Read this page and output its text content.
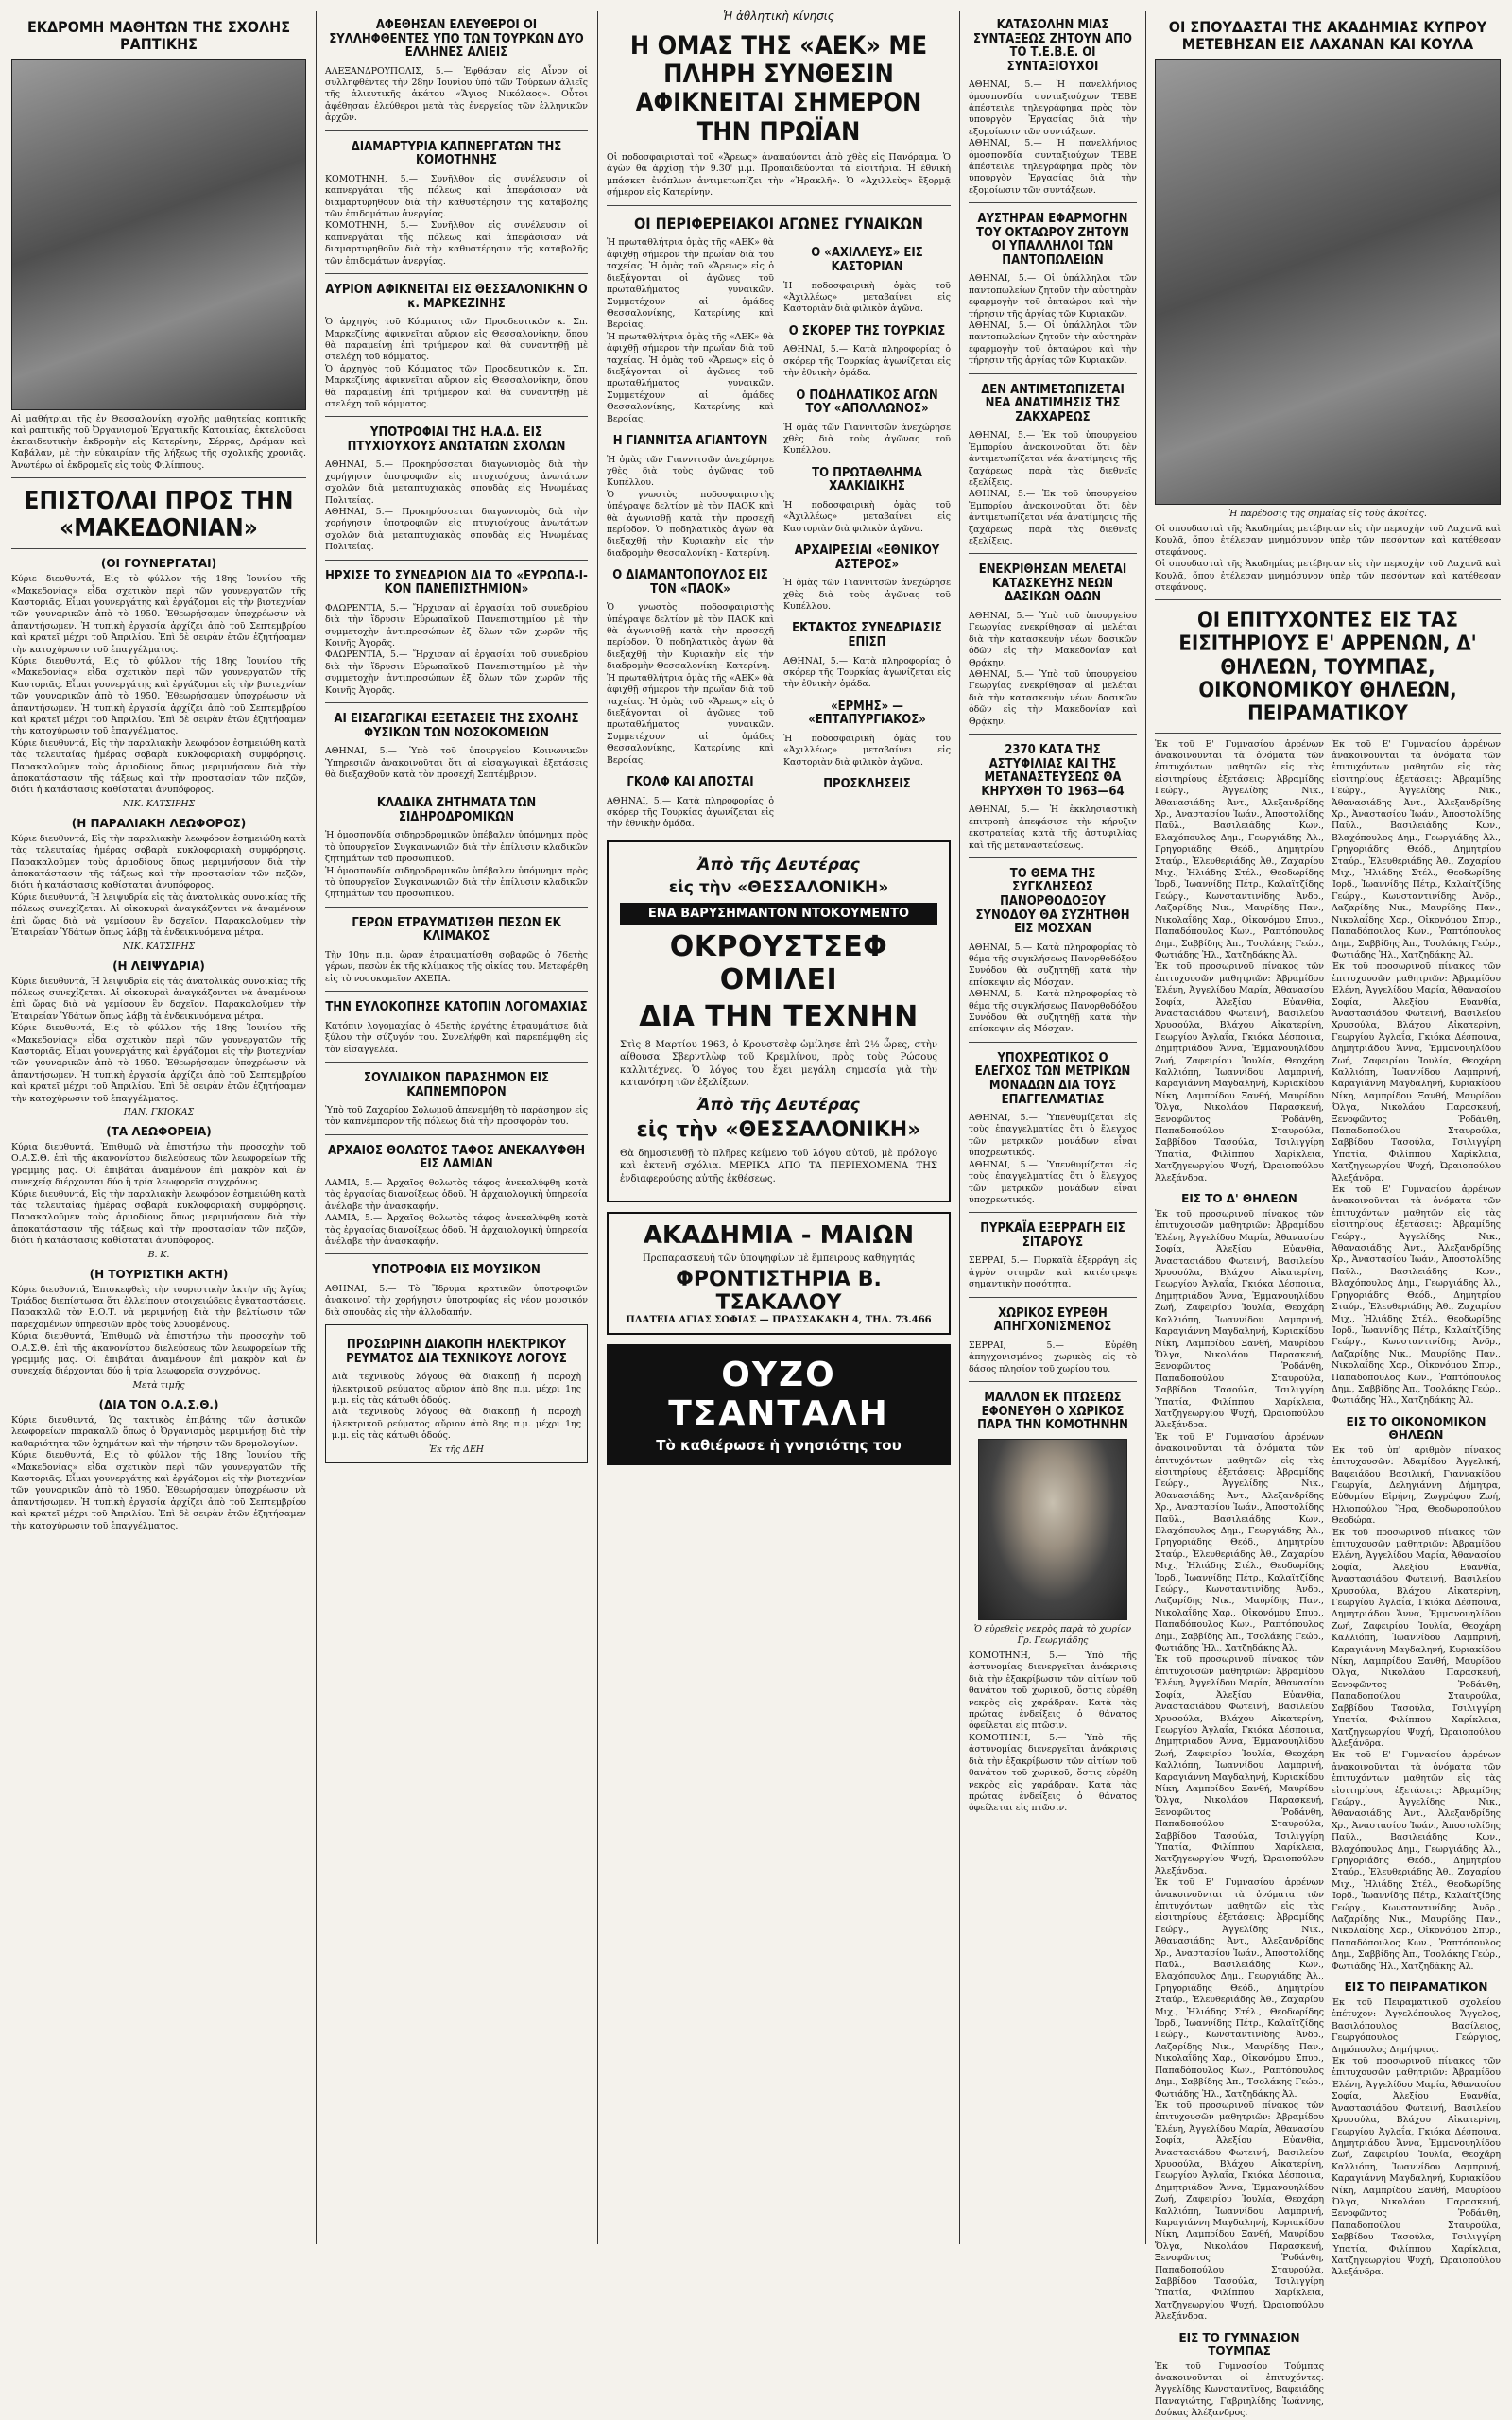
ΕΚΔΡΟΜΗ ΜΑΘΗΤΩΝ ΤΗΣ ΣΧΟΛΗΣ ΡΑΠΤΙΚΗΣ

Αἱ μαθήτριαι τῆς ἐν Θεσσαλονίκῃ σχολῆς μαθητείας κοπτικῆς καὶ ραπτικῆς τοῦ Ὀργανισμοῦ Ἐργατικῆς Κατοικίας, ἐκτελοῦσαι ἐκπαιδευτικὴν ἐκδρομὴν εἰς Κατερίνην, Σέρρας, Δράμαν καὶ Καβάλαν, μὲ τὴν εὐκαιρίαν τῆς λήξεως τῆς σχολικῆς χρονιᾶς. Ἀνωτέρω αἱ ἐκδρομεῖς εἰς τοὺς Φιλίππους.

ΕΠΙΣΤΟΛΑΙ ΠΡΟΣ ΤΗΝ «ΜΑΚΕΔΟΝΙΑΝ»
(ΟΙ ΓΟΥΝΕΡΓΑΤΑΙ)

Κύριε διευθυντά, Εἰς τὸ φύλλον τῆς 18ης Ἰουνίου τῆς «Μακεδονίας» εἶδα σχετικὸν περὶ τῶν γουνεργατῶν τῆς Καστοριᾶς. Εἶμαι γουνεργάτης καὶ ἐργάζομαι εἰς τὴν βιοτεχνίαν τῶν γουναρικῶν ἀπὸ τὸ 1950. Ἐθεωρήσαμεν ὑποχρέωσιν νὰ ἀπαντήσωμεν. Ἡ τυπικὴ ἐργασία ἀρχίζει ἀπὸ τοῦ Σεπτεμβρίου καὶ κρατεῖ μέχρι τοῦ Ἀπριλίου. Ἐπὶ δὲ σειρὰν ἐτῶν ἐζητήσαμεν τὴν κατοχύρωσιν τοῦ ἐπαγγέλματος.

Κύριε διευθυντά, Εἰς τὸ φύλλον τῆς 18ης Ἰουνίου τῆς «Μακεδονίας» εἶδα σχετικὸν περὶ τῶν γουνεργατῶν τῆς Καστοριᾶς. Εἶμαι γουνεργάτης καὶ ἐργάζομαι εἰς τὴν βιοτεχνίαν τῶν γουναρικῶν ἀπὸ τὸ 1950. Ἐθεωρήσαμεν ὑποχρέωσιν νὰ ἀπαντήσωμεν. Ἡ τυπικὴ ἐργασία ἀρχίζει ἀπὸ τοῦ Σεπτεμβρίου καὶ κρατεῖ μέχρι τοῦ Ἀπριλίου. Ἐπὶ δὲ σειρὰν ἐτῶν ἐζητήσαμεν τὴν κατοχύρωσιν τοῦ ἐπαγγέλματος.

Κύριε διευθυντά, Εἰς τὴν παραλιακὴν λεωφόρον ἐσημειώθη κατὰ τὰς τελευταίας ἡμέρας σοβαρὰ κυκλοφοριακὴ συμφόρησις. Παρακαλοῦμεν τοὺς ἁρμοδίους ὅπως μεριμνήσουν διὰ τὴν ἀποκατάστασιν τῆς τάξεως καὶ τὴν προστασίαν τῶν πεζῶν, διότι ἡ κατάστασις καθίσταται ἀνυπόφορος.

ΝΙΚ. ΚΑΤΣΙΡΗΣ
(Η ΠΑΡΑΛΙΑΚΗ ΛΕΩΦΟΡΟΣ)

Κύριε διευθυντά, Εἰς τὴν παραλιακὴν λεωφόρον ἐσημειώθη κατὰ τὰς τελευταίας ἡμέρας σοβαρὰ κυκλοφοριακὴ συμφόρησις. Παρακαλοῦμεν τοὺς ἁρμοδίους ὅπως μεριμνήσουν διὰ τὴν ἀποκατάστασιν τῆς τάξεως καὶ τὴν προστασίαν τῶν πεζῶν, διότι ἡ κατάστασις καθίσταται ἀνυπόφορος.

Κύριε διευθυντά, Ἡ λειψυδρία εἰς τὰς ἀνατολικὰς συνοικίας τῆς πόλεως συνεχίζεται. Αἱ οἰκοκυραὶ ἀναγκάζονται νὰ ἀναμένουν ἐπὶ ὥρας διὰ νὰ γεμίσουν ἓν δοχεῖον. Παρακαλοῦμεν τὴν Ἑταιρείαν Ὑδάτων ὅπως λάβῃ τὰ ἐνδεικνυόμενα μέτρα.

ΝΙΚ. ΚΑΤΣΙΡΗΣ
(Η ΛΕΙΨΥΔΡΙΑ)

Κύριε διευθυντά, Ἡ λειψυδρία εἰς τὰς ἀνατολικὰς συνοικίας τῆς πόλεως συνεχίζεται. Αἱ οἰκοκυραὶ ἀναγκάζονται νὰ ἀναμένουν ἐπὶ ὥρας διὰ νὰ γεμίσουν ἓν δοχεῖον. Παρακαλοῦμεν τὴν Ἑταιρείαν Ὑδάτων ὅπως λάβῃ τὰ ἐνδεικνυόμενα μέτρα.

Κύριε διευθυντά, Εἰς τὸ φύλλον τῆς 18ης Ἰουνίου τῆς «Μακεδονίας» εἶδα σχετικὸν περὶ τῶν γουνεργατῶν τῆς Καστοριᾶς. Εἶμαι γουνεργάτης καὶ ἐργάζομαι εἰς τὴν βιοτεχνίαν τῶν γουναρικῶν ἀπὸ τὸ 1950. Ἐθεωρήσαμεν ὑποχρέωσιν νὰ ἀπαντήσωμεν. Ἡ τυπικὴ ἐργασία ἀρχίζει ἀπὸ τοῦ Σεπτεμβρίου καὶ κρατεῖ μέχρι τοῦ Ἀπριλίου. Ἐπὶ δὲ σειρὰν ἐτῶν ἐζητήσαμεν τὴν κατοχύρωσιν τοῦ ἐπαγγέλματος.

ΠΑΝ. ΓΚΙΟΚΑΣ
(ΤΑ ΛΕΩΦΟΡΕΙΑ)

Κύρια διευθυντά, Ἐπιθυμῶ νὰ ἐπιστήσω τὴν προσοχὴν τοῦ Ο.Α.Σ.Θ. ἐπὶ τῆς ἀκανονίστου διελεύσεως τῶν λεωφορείων τῆς γραμμῆς μας. Οἱ ἐπιβάται ἀναμένουν ἐπὶ μακρὸν καὶ ἐν συνεχείᾳ διέρχονται δύο ἢ τρία λεωφορεῖα συγχρόνως.

Κύριε διευθυντά, Εἰς τὴν παραλιακὴν λεωφόρον ἐσημειώθη κατὰ τὰς τελευταίας ἡμέρας σοβαρὰ κυκλοφοριακὴ συμφόρησις. Παρακαλοῦμεν τοὺς ἁρμοδίους ὅπως μεριμνήσουν διὰ τὴν ἀποκατάστασιν τῆς τάξεως καὶ τὴν προστασίαν τῶν πεζῶν, διότι ἡ κατάστασις καθίσταται ἀνυπόφορος.

Β. Κ.
(Η ΤΟΥΡΙΣΤΙΚΗ ΑΚΤΗ)

Κύριε διευθυντά, Ἐπισκεφθεὶς τὴν τουριστικὴν ἀκτὴν τῆς Ἁγίας Τριάδος διεπίστωσα ὅτι ἐλλείπουν στοιχειώδεις ἐγκαταστάσεις. Παρακαλῶ τὸν Ε.Ο.Τ. νὰ μεριμνήσῃ διὰ τὴν βελτίωσιν τῶν παρεχομένων ὑπηρεσιῶν πρὸς τοὺς λουομένους.

Κύρια διευθυντά, Ἐπιθυμῶ νὰ ἐπιστήσω τὴν προσοχὴν τοῦ Ο.Α.Σ.Θ. ἐπὶ τῆς ἀκανονίστου διελεύσεως τῶν λεωφορείων τῆς γραμμῆς μας. Οἱ ἐπιβάται ἀναμένουν ἐπὶ μακρὸν καὶ ἐν συνεχείᾳ διέρχονται δύο ἢ τρία λεωφορεῖα συγχρόνως.

Μετὰ τιμῆς
(ΔΙΑ ΤΟΝ Ο.Α.Σ.Θ.)

Κύριε διευθυντά, Ὡς τακτικὸς ἐπιβάτης τῶν ἀστικῶν λεωφορείων παρακαλῶ ὅπως ὁ Ὀργανισμὸς μεριμνήσῃ διὰ τὴν καθαριότητα τῶν ὀχημάτων καὶ τὴν τήρησιν τῶν δρομολογίων.

Κύριε διευθυντά, Εἰς τὸ φύλλον τῆς 18ης Ἰουνίου τῆς «Μακεδονίας» εἶδα σχετικὸν περὶ τῶν γουνεργατῶν τῆς Καστοριᾶς. Εἶμαι γουνεργάτης καὶ ἐργάζομαι εἰς τὴν βιοτεχνίαν τῶν γουναρικῶν ἀπὸ τὸ 1950. Ἐθεωρήσαμεν ὑποχρέωσιν νὰ ἀπαντήσωμεν. Ἡ τυπικὴ ἐργασία ἀρχίζει ἀπὸ τοῦ Σεπτεμβρίου καὶ κρατεῖ μέχρι τοῦ Ἀπριλίου. Ἐπὶ δὲ σειρὰν ἐτῶν ἐζητήσαμεν τὴν κατοχύρωσιν τοῦ ἐπαγγέλματος.

ΑΦΕΘΗΣΑΝ ΕΛΕΥΘΕΡΟΙ ΟΙ ΣΥΛΛΗΦΘΕΝΤΕΣ ΥΠΟ ΤΩΝ ΤΟΥΡΚΩΝ ΔΥΟ ΕΛΛΗΝΕΣ ΑΛΙΕΙΣ

ΑΛΕΞΑΝΔΡΟΥΠΟΛΙΣ, 5.— Ἐφθάσαν εἰς Αἶνον οἱ συλληφθέντες τὴν 28ην Ἰουνίου ὑπὸ τῶν Τούρκων ἀλιεῖς τῆς ἀλιευτικῆς ἀκάτου «Ἅγιος Νικόλαος». Οὗτοι ἀφέθησαν ἐλεύθεροι μετὰ τὰς ἐνεργείας τῶν ἑλληνικῶν ἀρχῶν.

ΔΙΑΜΑΡΤΥΡΙΑ ΚΑΠΝΕΡΓΑΤΩΝ ΤΗΣ ΚΟΜΟΤΗΝΗΣ

ΚΟΜΟΤΗΝΗ, 5.— Συνῆλθον εἰς συνέλευσιν οἱ καπνεργάται τῆς πόλεως καὶ ἀπεφάσισαν νὰ διαμαρτυρηθοῦν διὰ τὴν καθυστέρησιν τῆς καταβολῆς τῶν ἐπιδομάτων ἀνεργίας.

ΚΟΜΟΤΗΝΗ, 5.— Συνῆλθον εἰς συνέλευσιν οἱ καπνεργάται τῆς πόλεως καὶ ἀπεφάσισαν νὰ διαμαρτυρηθοῦν διὰ τὴν καθυστέρησιν τῆς καταβολῆς τῶν ἐπιδομάτων ἀνεργίας.

ΑΥΡΙΟΝ ΑΦΙΚΝΕΙΤΑΙ ΕΙΣ ΘΕΣΣΑΛΟΝΙΚΗΝ Ο κ. ΜΑΡΚΕΖΙΝΗΣ

Ὁ ἀρχηγὸς τοῦ Κόμματος τῶν Προοδευτικῶν κ. Σπ. Μαρκεζίνης ἀφικνεῖται αὔριον εἰς Θεσσαλονίκην, ὅπου θὰ παραμείνῃ ἐπὶ τριήμερον καὶ θὰ συναντηθῇ μὲ στελέχη τοῦ κόμματος.

Ὁ ἀρχηγὸς τοῦ Κόμματος τῶν Προοδευτικῶν κ. Σπ. Μαρκεζίνης ἀφικνεῖται αὔριον εἰς Θεσσαλονίκην, ὅπου θὰ παραμείνῃ ἐπὶ τριήμερον καὶ θὰ συναντηθῇ μὲ στελέχη τοῦ κόμματος.

ΥΠΟΤΡΟΦΙΑΙ ΤΗΣ Η.Α.Δ. ΕΙΣ ΠΤΥΧΙΟΥΧΟΥΣ ΑΝΩΤΑΤΩΝ ΣΧΟΛΩΝ

ΑΘΗΝΑΙ, 5.— Προκηρύσσεται διαγωνισμὸς διὰ τὴν χορήγησιν ὑποτροφιῶν εἰς πτυχιούχους ἀνωτάτων σχολῶν διὰ μεταπτυχιακὰς σπουδὰς εἰς Ἡνωμένας Πολιτείας.

ΑΘΗΝΑΙ, 5.— Προκηρύσσεται διαγωνισμὸς διὰ τὴν χορήγησιν ὑποτροφιῶν εἰς πτυχιούχους ἀνωτάτων σχολῶν διὰ μεταπτυχιακὰς σπουδὰς εἰς Ἡνωμένας Πολιτείας.

ΗΡΧΙΣΕ ΤΟ ΣΥΝΕΔΡΙΟΝ ΔΙΑ ΤΟ «ΕΥΡΩΠΑ-Ι-ΚΟΝ ΠΑΝΕΠΙΣΤΗΜΙΟΝ»

ΦΛΩΡΕΝΤΙΑ, 5.— Ἤρχισαν αἱ ἐργασίαι τοῦ συνεδρίου διὰ τὴν ἵδρυσιν Εὐρωπαϊκοῦ Πανεπιστημίου μὲ τὴν συμμετοχὴν ἀντιπροσώπων ἐξ ὅλων τῶν χωρῶν τῆς Κοινῆς Ἀγορᾶς.

ΦΛΩΡΕΝΤΙΑ, 5.— Ἤρχισαν αἱ ἐργασίαι τοῦ συνεδρίου διὰ τὴν ἵδρυσιν Εὐρωπαϊκοῦ Πανεπιστημίου μὲ τὴν συμμετοχὴν ἀντιπροσώπων ἐξ ὅλων τῶν χωρῶν τῆς Κοινῆς Ἀγορᾶς.

ΑΙ ΕΙΣΑΓΩΓΙΚΑΙ ΕΞΕΤΑΣΕΙΣ ΤΗΣ ΣΧΟΛΗΣ ΦΥΣΙΚΩΝ ΤΩΝ ΝΟΣΟΚΟΜΕΙΩΝ

ΑΘΗΝΑΙ, 5.— Ὑπὸ τοῦ ὑπουργείου Κοινωνικῶν Ὑπηρεσιῶν ἀνακοινοῦται ὅτι αἱ εἰσαγωγικαὶ ἐξετάσεις θὰ διεξαχθοῦν κατὰ τὸν προσεχῆ Σεπτέμβριον.

ΚΛΑΔΙΚΑ ΖΗΤΗΜΑΤΑ ΤΩΝ ΣΙΔΗΡΟΔΡΟΜΙΚΩΝ

Ἡ ὁμοσπονδία σιδηροδρομικῶν ὑπέβαλεν ὑπόμνημα πρὸς τὸ ὑπουργεῖον Συγκοινωνιῶν διὰ τὴν ἐπίλυσιν κλαδικῶν ζητημάτων τοῦ προσωπικοῦ.

Ἡ ὁμοσπονδία σιδηροδρομικῶν ὑπέβαλεν ὑπόμνημα πρὸς τὸ ὑπουργεῖον Συγκοινωνιῶν διὰ τὴν ἐπίλυσιν κλαδικῶν ζητημάτων τοῦ προσωπικοῦ.

ΓΕΡΩΝ ΕΤΡΑΥΜΑΤΙΣΘΗ ΠΕΣΩΝ ΕΚ ΚΛΙΜΑΚΟΣ

Τὴν 10ην π.μ. ὥραν ἐτραυματίσθη σοβαρῶς ὁ 76ετὴς γέρων, πεσὼν ἐκ τῆς κλίμακος τῆς οἰκίας του. Μετεφέρθη εἰς τὸ νοσοκομεῖον ΑΧΕΠΑ.

ΤΗΝ ΕΥΛΟΚΟΠΗΣΕ ΚΑΤΟΠΙΝ ΛΟΓΟΜΑΧΙΑΣ

Κατόπιν λογομαχίας ὁ 45ετὴς ἐργάτης ἐτραυμάτισε διὰ ξύλου τὴν σύζυγόν του. Συνελήφθη καὶ παρεπέμφθη εἰς τὸν εἰσαγγελέα.

ΣΟΥΛΙΔΙΚΟΝ ΠΑΡΑΣΗΜΟΝ ΕΙΣ ΚΑΠΝΕΜΠΟΡΟΝ

Ὑπὸ τοῦ Ζαχαρίου Σολωμοῦ ἀπενεμήθη τὸ παράσημον εἰς τὸν καπνέμπορον τῆς πόλεως διὰ τὴν προσφορὰν του.

ΑΡΧΑΙΟΣ ΘΟΛΩΤΟΣ ΤΑΦΟΣ ΑΝΕΚΑΛΥΦΘΗ ΕΙΣ ΛΑΜΙΑΝ

ΛΑΜΙΑ, 5.— Ἀρχαῖος θολωτὸς τάφος ἀνεκαλύφθη κατὰ τὰς ἐργασίας διανοίξεως ὁδοῦ. Ἡ ἀρχαιολογικὴ ὑπηρεσία ἀνέλαβε τὴν ἀνασκαφήν.

ΛΑΜΙΑ, 5.— Ἀρχαῖος θολωτὸς τάφος ἀνεκαλύφθη κατὰ τὰς ἐργασίας διανοίξεως ὁδοῦ. Ἡ ἀρχαιολογικὴ ὑπηρεσία ἀνέλαβε τὴν ἀνασκαφήν.

ΥΠΟΤΡΟΦΙΑ ΕΙΣ ΜΟΥΣΙΚΟΝ

ΑΘΗΝΑΙ, 5.— Τὸ Ἴδρυμα κρατικῶν ὑποτροφιῶν ἀνακοινοῖ τὴν χορήγησιν ὑποτροφίας εἰς νέον μουσικόν διὰ σπουδὰς εἰς τὴν ἀλλοδαπήν.

ΠΡΟΣΩΡΙΝΗ ΔΙΑΚΟΠΗ ΗΛΕΚΤΡΙΚΟΥ ΡΕΥΜΑΤΟΣ ΔΙΑ ΤΕΧΝΙΚΟΥΣ ΛΟΓΟΥΣ

Διὰ τεχνικοὺς λόγους θὰ διακοπῇ ἡ παροχὴ ἠλεκτρικοῦ ρεύματος αὔριον ἀπὸ 8ης π.μ. μέχρι 1ης μ.μ. εἰς τὰς κάτωθι ὁδούς.

Διὰ τεχνικοὺς λόγους θὰ διακοπῇ ἡ παροχὴ ἠλεκτρικοῦ ρεύματος αὔριον ἀπὸ 8ης π.μ. μέχρι 1ης μ.μ. εἰς τὰς κάτωθι ὁδούς.

Ἐκ τῆς ΔΕΗ
Ἡ ἀθλητικὴ κίνησις
Η ΟΜΑΣ ΤΗΣ «ΑΕΚ» ΜΕ ΠΛΗΡΗ ΣΥΝΘΕΣΙΝ ΑΦΙΚΝΕΙΤΑΙ ΣΗΜΕΡΟΝ ΤΗΝ ΠΡΩΪΑΝ

Οἱ ποδοσφαιρισταὶ τοῦ «Ἄρεως» ἀναπαύονται ἀπὸ χθὲς εἰς Πανόραμα. Ὁ ἀγὼν θὰ ἀρχίσῃ τὴν 9.30' μ.μ. Προπαιδεύονται τὰ εἰσιτήρια. Ἡ ἐθνικὴ μπάσκετ ἐνόπλων ἀντιμετωπίζει τὴν «Ἡρακλῆ». Ὁ «Ἀχιλλεὺς» ἔξορμᾷ σήμερον εἰς Κατερίνην.

ΟΙ ΠΕΡΙΦΕΡΕΙΑΚΟΙ ΑΓΩΝΕΣ ΓΥΝΑΙΚΩΝ

Ἡ πρωταθλήτρια ὁμὰς τῆς «ΑΕΚ» θὰ ἀφιχθῇ σήμερον τὴν πρωΐαν διὰ τοῦ ταχείας. Ἡ ὁμὰς τοῦ «Ἄρεως» εἰς ὁ διεξάγονται οἱ ἀγῶνες τοῦ πρωταθλήματος γυναικῶν. Συμμετέχουν αἱ ὁμάδες Θεσσαλονίκης, Κατερίνης καὶ Βεροίας.

Ἡ πρωταθλήτρια ὁμὰς τῆς «ΑΕΚ» θὰ ἀφιχθῇ σήμερον τὴν πρωΐαν διὰ τοῦ ταχείας. Ἡ ὁμὰς τοῦ «Ἄρεως» εἰς ὁ διεξάγονται οἱ ἀγῶνες τοῦ πρωταθλήματος γυναικῶν. Συμμετέχουν αἱ ὁμάδες Θεσσαλονίκης, Κατερίνης καὶ Βεροίας.

Η ΓΙΑΝΝΙΤΣΑ ΑΓΙΑΝΤΟΥΝ

Ἡ ὁμὰς τῶν Γιαννιτσῶν ἀνεχώρησε χθὲς διὰ τοὺς ἀγῶνας τοῦ Κυπέλλου.

Ὁ γνωστὸς ποδοσφαιριστὴς ὑπέγραψε δελτίον μὲ τὸν ΠΑΟΚ καὶ θὰ ἀγωνισθῇ κατὰ τὴν προσεχῆ περίοδον. Ὁ ποδηλατικὸς ἀγὼν θὰ διεξαχθῇ τὴν Κυριακὴν εἰς τὴν διαδρομὴν Θεσσαλονίκη - Κατερίνη.

Ο ΔΙΑΜΑΝΤΟΠΟΥΛΟΣ ΕΙΣ ΤΟΝ «ΠΑΟΚ»

Ὁ γνωστὸς ποδοσφαιριστὴς ὑπέγραψε δελτίον μὲ τὸν ΠΑΟΚ καὶ θὰ ἀγωνισθῇ κατὰ τὴν προσεχῆ περίοδον. Ὁ ποδηλατικὸς ἀγὼν θὰ διεξαχθῇ τὴν Κυριακὴν εἰς τὴν διαδρομὴν Θεσσαλονίκη - Κατερίνη.

Ἡ πρωταθλήτρια ὁμὰς τῆς «ΑΕΚ» θὰ ἀφιχθῇ σήμερον τὴν πρωΐαν διὰ τοῦ ταχείας. Ἡ ὁμὰς τοῦ «Ἄρεως» εἰς ὁ διεξάγονται οἱ ἀγῶνες τοῦ πρωταθλήματος γυναικῶν. Συμμετέχουν αἱ ὁμάδες Θεσσαλονίκης, Κατερίνης καὶ Βεροίας.

ΓΚΟΛΦ ΚΑΙ ΑΠΟΣΤΑΙ

ΑΘΗΝΑΙ, 5.— Κατὰ πληροφορίας ὁ σκόρερ τῆς Τουρκίας ἀγωνίζεται εἰς τὴν ἐθνικὴν ὁμάδα.

Ο «ΑΧΙΛΛΕΥΣ» ΕΙΣ ΚΑΣΤΟΡΙΑΝ

Ἡ ποδοσφαιρικὴ ὁμὰς τοῦ «Ἀχιλλέως» μεταβαίνει εἰς Καστοριὰν διὰ φιλικὸν ἀγῶνα.

Ο ΣΚΟΡΕΡ ΤΗΣ ΤΟΥΡΚΙΑΣ

ΑΘΗΝΑΙ, 5.— Κατὰ πληροφορίας ὁ σκόρερ τῆς Τουρκίας ἀγωνίζεται εἰς τὴν ἐθνικὴν ὁμάδα.

Ο ΠΟΔΗΛΑΤΙΚΟΣ ΑΓΩΝ ΤΟΥ «ΑΠΟΛΛΩΝΟΣ»

Ἡ ὁμὰς τῶν Γιαννιτσῶν ἀνεχώρησε χθὲς διὰ τοὺς ἀγῶνας τοῦ Κυπέλλου.

ΤΟ ΠΡΩΤΑΘΛΗΜΑ ΧΑΛΚΙΔΙΚΗΣ

Ἡ ποδοσφαιρικὴ ὁμὰς τοῦ «Ἀχιλλέως» μεταβαίνει εἰς Καστοριὰν διὰ φιλικὸν ἀγῶνα.

ΑΡΧΑΙΡΕΣΙΑΙ «ΕΘΝΙΚΟΥ ΑΣΤΕΡΟΣ»

Ἡ ὁμὰς τῶν Γιαννιτσῶν ἀνεχώρησε χθὲς διὰ τοὺς ἀγῶνας τοῦ Κυπέλλου.

ΕΚΤΑΚΤΟΣ ΣΥΝΕΔΡΙΑΣΙΣ ΕΠΙΣΠ

ΑΘΗΝΑΙ, 5.— Κατὰ πληροφορίας ὁ σκόρερ τῆς Τουρκίας ἀγωνίζεται εἰς τὴν ἐθνικὴν ὁμάδα.

«ΕΡΜΗΣ» — «ΕΠΤΑΠΥΡΓΙΑΚΟΣ»

Ἡ ποδοσφαιρικὴ ὁμὰς τοῦ «Ἀχιλλέως» μεταβαίνει εἰς Καστοριὰν διὰ φιλικὸν ἀγῶνα.

ΠΡΟΣΚΛΗΣΕΙΣ
Ἀπὸ τῆς Δευτέρας
εἰς τὴν «ΘΕΣΣΑΛΟΝΙΚΗ»
ΕΝΑ ΒΑΡΥΣΗΜΑΝΤΟΝ ΝΤΟΚΟΥΜΕΝΤΟ
ΟΚΡΟΥΣΤΣΕΦ ΟΜΙΛΕΙ
ΔΙΑ ΤΗΝ ΤΕΧΝΗΝ

Στὶς 8 Μαρτίου 1963, ὁ Κρουστσὲφ ὡμίλησε ἐπὶ 2½ ὧρες, στὴν αἴθουσα Σβερντλὼφ τοῦ Κρεμλίνου, πρὸς τοὺς Ρώσους καλλιτέχνες. Ὁ λόγος του ἔχει μεγάλη σημασία γιὰ τὴν κατανόηση τῶν ἐξελίξεων.

Ἀπὸ τῆς Δευτέρας
εἰς τὴν «ΘΕΣΣΑΛΟΝΙΚΗ»

Θὰ δημοσιευθῇ τὸ πλῆρες κείμενο τοῦ λόγου αὐτοῦ, μὲ πρόλογο καὶ ἐκτενῆ σχόλια. ΜΕΡΙΚΑ ΑΠΟ ΤΑ ΠΕΡΙΕΧΟΜΕΝΑ ΤΗΣ ἐνδιαφερούσης αὐτῆς ἐκθέσεως.

ΑΚΑΔΗΜΙΑ - ΜΑΙΩΝ
Προπαρασκευὴ τῶν ὑποψηφίων μὲ ἔμπειρους καθηγητάς
ΦΡΟΝΤΙΣΤΗΡΙΑ Β. ΤΣΑΚΑΛΟΥ
ΠΛΑΤΕΙΑ ΑΓΙΑΣ ΣΟΦΙΑΣ — ΠΡΑΣΣΑΚΑΚΗ 4, ΤΗΛ. 73.466
ΟΥΖΟ ΤΣΑΝΤΑΛΗ
Τὸ καθιέρωσε ἡ γνησιότης του
ΚΑΤΑΣΟΛΗΝ ΜΙΑΣ ΣΥΝΤΑΞΕΩΣ ΖΗΤΟΥΝ ΑΠΟ ΤΟ Τ.Ε.Β.Ε. ΟΙ ΣΥΝΤΑΞΙΟΥΧΟΙ

ΑΘΗΝΑΙ, 5.— Ἡ πανελλήνιος ὁμοσπονδία συνταξιούχων ΤΕΒΕ ἀπέστειλε τηλεγράφημα πρὸς τὸν ὑπουργὸν Ἐργασίας διὰ τὴν ἐξομοίωσιν τῶν συντάξεων.

ΑΘΗΝΑΙ, 5.— Ἡ πανελλήνιος ὁμοσπονδία συνταξιούχων ΤΕΒΕ ἀπέστειλε τηλεγράφημα πρὸς τὸν ὑπουργὸν Ἐργασίας διὰ τὴν ἐξομοίωσιν τῶν συντάξεων.

ΑΥΣΤΗΡΑΝ ΕΦΑΡΜΟΓΗΝ ΤΟΥ ΟΚΤΑΩΡΟΥ ΖΗΤΟΥΝ ΟΙ ΥΠΑΛΛΗΛΟΙ ΤΩΝ ΠΑΝΤΟΠΩΛΕΙΩΝ

ΑΘΗΝΑΙ, 5.— Οἱ ὑπάλληλοι τῶν παντοπωλείων ζητοῦν τὴν αὐστηρὰν ἐφαρμογὴν τοῦ ὀκταώρου καὶ τὴν τήρησιν τῆς ἀργίας τῶν Κυριακῶν.

ΑΘΗΝΑΙ, 5.— Οἱ ὑπάλληλοι τῶν παντοπωλείων ζητοῦν τὴν αὐστηρὰν ἐφαρμογὴν τοῦ ὀκταώρου καὶ τὴν τήρησιν τῆς ἀργίας τῶν Κυριακῶν.

ΔΕΝ ΑΝΤΙΜΕΤΩΠΙΖΕΤΑΙ ΝΕΑ ΑΝΑΤΙΜΗΣΙΣ ΤΗΣ ΖΑΚΧΑΡΕΩΣ

ΑΘΗΝΑΙ, 5.— Ἐκ τοῦ ὑπουργείου Ἐμπορίου ἀνακοινοῦται ὅτι δὲν ἀντιμετωπίζεται νέα ἀνατίμησις τῆς ζαχάρεως παρὰ τὰς διεθνεῖς ἐξελίξεις.

ΑΘΗΝΑΙ, 5.— Ἐκ τοῦ ὑπουργείου Ἐμπορίου ἀνακοινοῦται ὅτι δὲν ἀντιμετωπίζεται νέα ἀνατίμησις τῆς ζαχάρεως παρὰ τὰς διεθνεῖς ἐξελίξεις.

ΕΝΕΚΡΙΘΗΣΑΝ ΜΕΛΕΤΑΙ ΚΑΤΑΣΚΕΥΗΣ ΝΕΩΝ ΔΑΣΙΚΩΝ ΟΔΩΝ

ΑΘΗΝΑΙ, 5.— Ὑπὸ τοῦ ὑπουργείου Γεωργίας ἐνεκρίθησαν αἱ μελέται διὰ τὴν κατασκευὴν νέων δασικῶν ὁδῶν εἰς τὴν Μακεδονίαν καὶ Θρᾴκην.

ΑΘΗΝΑΙ, 5.— Ὑπὸ τοῦ ὑπουργείου Γεωργίας ἐνεκρίθησαν αἱ μελέται διὰ τὴν κατασκευὴν νέων δασικῶν ὁδῶν εἰς τὴν Μακεδονίαν καὶ Θρᾴκην.

2370 ΚΑΤΑ ΤΗΣ ΑΣΤΥΦΙΛΙΑΣ ΚΑΙ ΤΗΣ ΜΕΤΑΝΑΣΤΕΥΣΕΩΣ ΘΑ ΚΗΡΥΧΘΗ ΤΟ 1963—64

ΑΘΗΝΑΙ, 5.— Ἡ ἐκκλησιαστικὴ ἐπιτροπὴ ἀπεφάσισε τὴν κήρυξιν ἐκστρατείας κατὰ τῆς ἀστυφιλίας καὶ τῆς μεταναστεύσεως.

ΤΟ ΘΕΜΑ ΤΗΣ ΣΥΓΚΛΗΣΕΩΣ ΠΑΝΟΡΘΟΔΟΞΟΥ ΣΥΝΟΔΟΥ ΘΑ ΣΥΖΗΤΗΘΗ ΕΙΣ ΜΟΣΧΑΝ

ΑΘΗΝΑΙ, 5.— Κατὰ πληροφορίας τὸ θέμα τῆς συγκλήσεως Πανορθοδόξου Συνόδου θὰ συζητηθῇ κατὰ τὴν ἐπίσκεψιν εἰς Μόσχαν.

ΑΘΗΝΑΙ, 5.— Κατὰ πληροφορίας τὸ θέμα τῆς συγκλήσεως Πανορθοδόξου Συνόδου θὰ συζητηθῇ κατὰ τὴν ἐπίσκεψιν εἰς Μόσχαν.

ΥΠΟΧΡΕΩΤΙΚΟΣ Ο ΕΛΕΓΧΟΣ ΤΩΝ ΜΕΤΡΙΚΩΝ ΜΟΝΑΔΩΝ ΔΙΑ ΤΟΥΣ ΕΠΑΓΓΕΛΜΑΤΙΑΣ

ΑΘΗΝΑΙ, 5.— Ὑπενθυμίζεται εἰς τοὺς ἐπαγγελματίας ὅτι ὁ ἔλεγχος τῶν μετρικῶν μονάδων εἶναι ὑποχρεωτικός.

ΑΘΗΝΑΙ, 5.— Ὑπενθυμίζεται εἰς τοὺς ἐπαγγελματίας ὅτι ὁ ἔλεγχος τῶν μετρικῶν μονάδων εἶναι ὑποχρεωτικός.

ΠΥΡΚΑΪΑ ΕΞΕΡΡΑΓΗ ΕΙΣ ΣΙΤΑΡΟΥΣ

ΣΕΡΡΑΙ, 5.— Πυρκαϊὰ ἐξερράγη εἰς ἀγρὸν σιτηρῶν καὶ κατέστρεψε σημαντικὴν ποσότητα.

ΧΩΡΙΚΟΣ ΕΥΡΕΘΗ ΑΠΗΓΧΟΝΙΣΜΕΝΟΣ

ΣΕΡΡΑΙ, 5.— Εὑρέθη ἀπηγχονισμένος χωρικὸς εἰς τὸ δάσος πλησίον τοῦ χωρίου του.

ΜΑΛΛΟΝ ΕΚ ΠΤΩΣΕΩΣ ΕΦΟΝΕΥΘΗ Ο ΧΩΡΙΚΟΣ ΠΑΡΑ ΤΗΝ ΚΟΜΟΤΗΝΗΝ

Ὁ εὑρεθεὶς νεκρὸς παρὰ τὸ χωρίον Γρ. Γεωργιάδης

ΚΟΜΟΤΗΝΗ, 5.— Ὑπὸ τῆς ἀστυνομίας διενεργεῖται ἀνάκρισις διὰ τὴν ἐξακρίβωσιν τῶν αἰτίων τοῦ θανάτου τοῦ χωρικοῦ, ὅστις εὑρέθη νεκρὸς εἰς χαράδραν. Κατὰ τὰς πρώτας ἐνδείξεις ὁ θάνατος ὀφείλεται εἰς πτῶσιν.

ΚΟΜΟΤΗΝΗ, 5.— Ὑπὸ τῆς ἀστυνομίας διενεργεῖται ἀνάκρισις διὰ τὴν ἐξακρίβωσιν τῶν αἰτίων τοῦ θανάτου τοῦ χωρικοῦ, ὅστις εὑρέθη νεκρὸς εἰς χαράδραν. Κατὰ τὰς πρώτας ἐνδείξεις ὁ θάνατος ὀφείλεται εἰς πτῶσιν.

ΟΙ ΣΠΟΥΔΑΣΤΑΙ ΤΗΣ ΑΚΑΔΗΜΙΑΣ ΚΥΠΡΟΥ ΜΕΤΕΒΗΣΑΝ ΕΙΣ ΛΑΧΑΝΑΝ ΚΑΙ ΚΟΥΛΑ

Ἡ παρέδοσις τῆς σημαίας εἰς τοὺς ἀκρίτας.

Οἱ σπουδασταὶ τῆς Ἀκαδημίας μετέβησαν εἰς τὴν περιοχὴν τοῦ Λαχανᾶ καὶ Κουλᾶ, ὅπου ἐτέλεσαν μνημόσυνον ὑπὲρ τῶν πεσόντων καὶ κατέθεσαν στεφάνους.

Οἱ σπουδασταὶ τῆς Ἀκαδημίας μετέβησαν εἰς τὴν περιοχὴν τοῦ Λαχανᾶ καὶ Κουλᾶ, ὅπου ἐτέλεσαν μνημόσυνον ὑπὲρ τῶν πεσόντων καὶ κατέθεσαν στεφάνους.

ΟΙ ΕΠΙΤΥΧΟΝΤΕΣ ΕΙΣ ΤΑΣ ΕΙΣΙΤΗΡΙΟΥΣ Ε' ΑΡΡΕΝΩΝ, Δ' ΘΗΛΕΩΝ, ΤΟΥΜΠΑΣ, ΟΙΚΟΝΟΜΙΚΟΥ ΘΗΛΕΩΝ, ΠΕΙΡΑΜΑΤΙΚΟΥ

Ἐκ τοῦ Ε' Γυμνασίου ἀρρένων ἀνακοινοῦνται τὰ ὀνόματα τῶν ἐπιτυχόντων μαθητῶν εἰς τὰς εἰσιτηρίους ἐξετάσεις: Ἀβραμίδης Γεώργ., Ἀγγελίδης Νικ., Ἀθανασιάδης Ἀντ., Ἀλεξανδρίδης Χρ., Ἀναστασίου Ἰωάν., Ἀποστολίδης Παῦλ., Βασιλειάδης Κων., Βλαχόπουλος Δημ., Γεωργιάδης Ἀλ., Γρηγοριάδης Θεόδ., Δημητρίου Σταύρ., Ἐλευθεριάδης Ἀθ., Ζαχαρίου Μιχ., Ἠλιάδης Στέλ., Θεοδωρίδης Ἰορδ., Ἰωαννίδης Πέτρ., Καλαϊτζίδης Γεώργ., Κωνσταντινίδης Ἀνδρ., Λαζαρίδης Νικ., Μαυρίδης Παν., Νικολαΐδης Χαρ., Οἰκονόμου Σπυρ., Παπαδόπουλος Κων., Ῥαπτόπουλος Δημ., Σαββίδης Ἀπ., Τσολάκης Γεώρ., Φωτιάδης Ἠλ., Χατζηδάκης Ἀλ.

Ἐκ τοῦ προσωρινοῦ πίνακος τῶν ἐπιτυχουσῶν μαθητριῶν: Ἀβραμίδου Ἑλένη, Ἀγγελίδου Μαρία, Ἀθανασίου Σοφία, Ἀλεξίου Εὐανθία, Ἀναστασιάδου Φωτεινή, Βασιλείου Χρυσούλα, Βλάχου Αἰκατερίνη, Γεωργίου Ἀγλαΐα, Γκιόκα Δέσποινα, Δημητριάδου Ἄννα, Ἐμμανουηλίδου Ζωή, Ζαφειρίου Ἰουλία, Θεοχάρη Καλλιόπη, Ἰωαννίδου Λαμπρινή, Καραγιάννη Μαγδαληνή, Κυριακίδου Νίκη, Λαμπρίδου Ξανθή, Μαυρίδου Ὄλγα, Νικολάου Παρασκευή, Ξενοφῶντος Ῥοδάνθη, Παπαδοπούλου Σταυρούλα, Σαββίδου Τασούλα, Τσιλιγγίρη Ὑπατία, Φιλίππου Χαρίκλεια, Χατζηγεωργίου Ψυχή, Ὠραιοπούλου Ἀλεξάνδρα.

ΕΙΣ ΤΟ Δ' ΘΗΛΕΩΝ

Ἐκ τοῦ προσωρινοῦ πίνακος τῶν ἐπιτυχουσῶν μαθητριῶν: Ἀβραμίδου Ἑλένη, Ἀγγελίδου Μαρία, Ἀθανασίου Σοφία, Ἀλεξίου Εὐανθία, Ἀναστασιάδου Φωτεινή, Βασιλείου Χρυσούλα, Βλάχου Αἰκατερίνη, Γεωργίου Ἀγλαΐα, Γκιόκα Δέσποινα, Δημητριάδου Ἄννα, Ἐμμανουηλίδου Ζωή, Ζαφειρίου Ἰουλία, Θεοχάρη Καλλιόπη, Ἰωαννίδου Λαμπρινή, Καραγιάννη Μαγδαληνή, Κυριακίδου Νίκη, Λαμπρίδου Ξανθή, Μαυρίδου Ὄλγα, Νικολάου Παρασκευή, Ξενοφῶντος Ῥοδάνθη, Παπαδοπούλου Σταυρούλα, Σαββίδου Τασούλα, Τσιλιγγίρη Ὑπατία, Φιλίππου Χαρίκλεια, Χατζηγεωργίου Ψυχή, Ὠραιοπούλου Ἀλεξάνδρα.

Ἐκ τοῦ Ε' Γυμνασίου ἀρρένων ἀνακοινοῦνται τὰ ὀνόματα τῶν ἐπιτυχόντων μαθητῶν εἰς τὰς εἰσιτηρίους ἐξετάσεις: Ἀβραμίδης Γεώργ., Ἀγγελίδης Νικ., Ἀθανασιάδης Ἀντ., Ἀλεξανδρίδης Χρ., Ἀναστασίου Ἰωάν., Ἀποστολίδης Παῦλ., Βασιλειάδης Κων., Βλαχόπουλος Δημ., Γεωργιάδης Ἀλ., Γρηγοριάδης Θεόδ., Δημητρίου Σταύρ., Ἐλευθεριάδης Ἀθ., Ζαχαρίου Μιχ., Ἠλιάδης Στέλ., Θεοδωρίδης Ἰορδ., Ἰωαννίδης Πέτρ., Καλαϊτζίδης Γεώργ., Κωνσταντινίδης Ἀνδρ., Λαζαρίδης Νικ., Μαυρίδης Παν., Νικολαΐδης Χαρ., Οἰκονόμου Σπυρ., Παπαδόπουλος Κων., Ῥαπτόπουλος Δημ., Σαββίδης Ἀπ., Τσολάκης Γεώρ., Φωτιάδης Ἠλ., Χατζηδάκης Ἀλ.

Ἐκ τοῦ προσωρινοῦ πίνακος τῶν ἐπιτυχουσῶν μαθητριῶν: Ἀβραμίδου Ἑλένη, Ἀγγελίδου Μαρία, Ἀθανασίου Σοφία, Ἀλεξίου Εὐανθία, Ἀναστασιάδου Φωτεινή, Βασιλείου Χρυσούλα, Βλάχου Αἰκατερίνη, Γεωργίου Ἀγλαΐα, Γκιόκα Δέσποινα, Δημητριάδου Ἄννα, Ἐμμανουηλίδου Ζωή, Ζαφειρίου Ἰουλία, Θεοχάρη Καλλιόπη, Ἰωαννίδου Λαμπρινή, Καραγιάννη Μαγδαληνή, Κυριακίδου Νίκη, Λαμπρίδου Ξανθή, Μαυρίδου Ὄλγα, Νικολάου Παρασκευή, Ξενοφῶντος Ῥοδάνθη, Παπαδοπούλου Σταυρούλα, Σαββίδου Τασούλα, Τσιλιγγίρη Ὑπατία, Φιλίππου Χαρίκλεια, Χατζηγεωργίου Ψυχή, Ὠραιοπούλου Ἀλεξάνδρα.

Ἐκ τοῦ Ε' Γυμνασίου ἀρρένων ἀνακοινοῦνται τὰ ὀνόματα τῶν ἐπιτυχόντων μαθητῶν εἰς τὰς εἰσιτηρίους ἐξετάσεις: Ἀβραμίδης Γεώργ., Ἀγγελίδης Νικ., Ἀθανασιάδης Ἀντ., Ἀλεξανδρίδης Χρ., Ἀναστασίου Ἰωάν., Ἀποστολίδης Παῦλ., Βασιλειάδης Κων., Βλαχόπουλος Δημ., Γεωργιάδης Ἀλ., Γρηγοριάδης Θεόδ., Δημητρίου Σταύρ., Ἐλευθεριάδης Ἀθ., Ζαχαρίου Μιχ., Ἠλιάδης Στέλ., Θεοδωρίδης Ἰορδ., Ἰωαννίδης Πέτρ., Καλαϊτζίδης Γεώργ., Κωνσταντινίδης Ἀνδρ., Λαζαρίδης Νικ., Μαυρίδης Παν., Νικολαΐδης Χαρ., Οἰκονόμου Σπυρ., Παπαδόπουλος Κων., Ῥαπτόπουλος Δημ., Σαββίδης Ἀπ., Τσολάκης Γεώρ., Φωτιάδης Ἠλ., Χατζηδάκης Ἀλ.

Ἐκ τοῦ προσωρινοῦ πίνακος τῶν ἐπιτυχουσῶν μαθητριῶν: Ἀβραμίδου Ἑλένη, Ἀγγελίδου Μαρία, Ἀθανασίου Σοφία, Ἀλεξίου Εὐανθία, Ἀναστασιάδου Φωτεινή, Βασιλείου Χρυσούλα, Βλάχου Αἰκατερίνη, Γεωργίου Ἀγλαΐα, Γκιόκα Δέσποινα, Δημητριάδου Ἄννα, Ἐμμανουηλίδου Ζωή, Ζαφειρίου Ἰουλία, Θεοχάρη Καλλιόπη, Ἰωαννίδου Λαμπρινή, Καραγιάννη Μαγδαληνή, Κυριακίδου Νίκη, Λαμπρίδου Ξανθή, Μαυρίδου Ὄλγα, Νικολάου Παρασκευή, Ξενοφῶντος Ῥοδάνθη, Παπαδοπούλου Σταυρούλα, Σαββίδου Τασούλα, Τσιλιγγίρη Ὑπατία, Φιλίππου Χαρίκλεια, Χατζηγεωργίου Ψυχή, Ὠραιοπούλου Ἀλεξάνδρα.

ΕΙΣ ΤΟ ΓΥΜΝΑΣΙΟΝ ΤΟΥΜΠΑΣ

Ἐκ τοῦ Γυμνασίου Τούμπας ἀνακοινοῦνται οἱ ἐπιτυχόντες: Ἀγγελίδης Κωνσταντῖνος, Βαφειάδης Παναγιώτης, Γαβριηλίδης Ἰωάννης, Δούκας Ἀλέξανδρος.

Ἐκ τοῦ Ε' Γυμνασίου ἀρρένων ἀνακοινοῦνται τὰ ὀνόματα τῶν ἐπιτυχόντων μαθητῶν εἰς τὰς εἰσιτηρίους ἐξετάσεις: Ἀβραμίδης Γεώργ., Ἀγγελίδης Νικ., Ἀθανασιάδης Ἀντ., Ἀλεξανδρίδης Χρ., Ἀναστασίου Ἰωάν., Ἀποστολίδης Παῦλ., Βασιλειάδης Κων., Βλαχόπουλος Δημ., Γεωργιάδης Ἀλ., Γρηγοριάδης Θεόδ., Δημητρίου Σταύρ., Ἐλευθεριάδης Ἀθ., Ζαχαρίου Μιχ., Ἠλιάδης Στέλ., Θεοδωρίδης Ἰορδ., Ἰωαννίδης Πέτρ., Καλαϊτζίδης Γεώργ., Κωνσταντινίδης Ἀνδρ., Λαζαρίδης Νικ., Μαυρίδης Παν., Νικολαΐδης Χαρ., Οἰκονόμου Σπυρ., Παπαδόπουλος Κων., Ῥαπτόπουλος Δημ., Σαββίδης Ἀπ., Τσολάκης Γεώρ., Φωτιάδης Ἠλ., Χατζηδάκης Ἀλ.

Ἐκ τοῦ προσωρινοῦ πίνακος τῶν ἐπιτυχουσῶν μαθητριῶν: Ἀβραμίδου Ἑλένη, Ἀγγελίδου Μαρία, Ἀθανασίου Σοφία, Ἀλεξίου Εὐανθία, Ἀναστασιάδου Φωτεινή, Βασιλείου Χρυσούλα, Βλάχου Αἰκατερίνη, Γεωργίου Ἀγλαΐα, Γκιόκα Δέσποινα, Δημητριάδου Ἄννα, Ἐμμανουηλίδου Ζωή, Ζαφειρίου Ἰουλία, Θεοχάρη Καλλιόπη, Ἰωαννίδου Λαμπρινή, Καραγιάννη Μαγδαληνή, Κυριακίδου Νίκη, Λαμπρίδου Ξανθή, Μαυρίδου Ὄλγα, Νικολάου Παρασκευή, Ξενοφῶντος Ῥοδάνθη, Παπαδοπούλου Σταυρούλα, Σαββίδου Τασούλα, Τσιλιγγίρη Ὑπατία, Φιλίππου Χαρίκλεια, Χατζηγεωργίου Ψυχή, Ὠραιοπούλου Ἀλεξάνδρα.

Ἐκ τοῦ Ε' Γυμνασίου ἀρρένων ἀνακοινοῦνται τὰ ὀνόματα τῶν ἐπιτυχόντων μαθητῶν εἰς τὰς εἰσιτηρίους ἐξετάσεις: Ἀβραμίδης Γεώργ., Ἀγγελίδης Νικ., Ἀθανασιάδης Ἀντ., Ἀλεξανδρίδης Χρ., Ἀναστασίου Ἰωάν., Ἀποστολίδης Παῦλ., Βασιλειάδης Κων., Βλαχόπουλος Δημ., Γεωργιάδης Ἀλ., Γρηγοριάδης Θεόδ., Δημητρίου Σταύρ., Ἐλευθεριάδης Ἀθ., Ζαχαρίου Μιχ., Ἠλιάδης Στέλ., Θεοδωρίδης Ἰορδ., Ἰωαννίδης Πέτρ., Καλαϊτζίδης Γεώργ., Κωνσταντινίδης Ἀνδρ., Λαζαρίδης Νικ., Μαυρίδης Παν., Νικολαΐδης Χαρ., Οἰκονόμου Σπυρ., Παπαδόπουλος Κων., Ῥαπτόπουλος Δημ., Σαββίδης Ἀπ., Τσολάκης Γεώρ., Φωτιάδης Ἠλ., Χατζηδάκης Ἀλ.

ΕΙΣ ΤΟ ΟΙΚΟΝΟΜΙΚΟΝ ΘΗΛΕΩΝ

Ἐκ τοῦ ὑπ' ἀριθμὸν πίνακος ἐπιτυχουσῶν: Ἀδαμίδου Ἀγγελική, Βαφειάδου Βασιλική, Γιαννακίδου Γεωργία, Δεληγιάννη Δήμητρα, Εὐθυμίου Εἰρήνη, Ζωγράφου Ζωή, Ἡλιοπούλου Ἥρα, Θεοδωροπούλου Θεοδώρα.

Ἐκ τοῦ προσωρινοῦ πίνακος τῶν ἐπιτυχουσῶν μαθητριῶν: Ἀβραμίδου Ἑλένη, Ἀγγελίδου Μαρία, Ἀθανασίου Σοφία, Ἀλεξίου Εὐανθία, Ἀναστασιάδου Φωτεινή, Βασιλείου Χρυσούλα, Βλάχου Αἰκατερίνη, Γεωργίου Ἀγλαΐα, Γκιόκα Δέσποινα, Δημητριάδου Ἄννα, Ἐμμανουηλίδου Ζωή, Ζαφειρίου Ἰουλία, Θεοχάρη Καλλιόπη, Ἰωαννίδου Λαμπρινή, Καραγιάννη Μαγδαληνή, Κυριακίδου Νίκη, Λαμπρίδου Ξανθή, Μαυρίδου Ὄλγα, Νικολάου Παρασκευή, Ξενοφῶντος Ῥοδάνθη, Παπαδοπούλου Σταυρούλα, Σαββίδου Τασούλα, Τσιλιγγίρη Ὑπατία, Φιλίππου Χαρίκλεια, Χατζηγεωργίου Ψυχή, Ὠραιοπούλου Ἀλεξάνδρα.

Ἐκ τοῦ Ε' Γυμνασίου ἀρρένων ἀνακοινοῦνται τὰ ὀνόματα τῶν ἐπιτυχόντων μαθητῶν εἰς τὰς εἰσιτηρίους ἐξετάσεις: Ἀβραμίδης Γεώργ., Ἀγγελίδης Νικ., Ἀθανασιάδης Ἀντ., Ἀλεξανδρίδης Χρ., Ἀναστασίου Ἰωάν., Ἀποστολίδης Παῦλ., Βασιλειάδης Κων., Βλαχόπουλος Δημ., Γεωργιάδης Ἀλ., Γρηγοριάδης Θεόδ., Δημητρίου Σταύρ., Ἐλευθεριάδης Ἀθ., Ζαχαρίου Μιχ., Ἠλιάδης Στέλ., Θεοδωρίδης Ἰορδ., Ἰωαννίδης Πέτρ., Καλαϊτζίδης Γεώργ., Κωνσταντινίδης Ἀνδρ., Λαζαρίδης Νικ., Μαυρίδης Παν., Νικολαΐδης Χαρ., Οἰκονόμου Σπυρ., Παπαδόπουλος Κων., Ῥαπτόπουλος Δημ., Σαββίδης Ἀπ., Τσολάκης Γεώρ., Φωτιάδης Ἠλ., Χατζηδάκης Ἀλ.

ΕΙΣ ΤΟ ΠΕΙΡΑΜΑΤΙΚΟΝ

Ἐκ τοῦ Πειραματικοῦ σχολείου ἐπέτυχον: Ἀγγελόπουλος Ἄγγελος, Βασιλόπουλος Βασίλειος, Γεωργόπουλος Γεώργιος, Δημόπουλος Δημήτριος.

Ἐκ τοῦ προσωρινοῦ πίνακος τῶν ἐπιτυχουσῶν μαθητριῶν: Ἀβραμίδου Ἑλένη, Ἀγγελίδου Μαρία, Ἀθανασίου Σοφία, Ἀλεξίου Εὐανθία, Ἀναστασιάδου Φωτεινή, Βασιλείου Χρυσούλα, Βλάχου Αἰκατερίνη, Γεωργίου Ἀγλαΐα, Γκιόκα Δέσποινα, Δημητριάδου Ἄννα, Ἐμμανουηλίδου Ζωή, Ζαφειρίου Ἰουλία, Θεοχάρη Καλλιόπη, Ἰωαννίδου Λαμπρινή, Καραγιάννη Μαγδαληνή, Κυριακίδου Νίκη, Λαμπρίδου Ξανθή, Μαυρίδου Ὄλγα, Νικολάου Παρασκευή, Ξενοφῶντος Ῥοδάνθη, Παπαδοπούλου Σταυρούλα, Σαββίδου Τασούλα, Τσιλιγγίρη Ὑπατία, Φιλίππου Χαρίκλεια, Χατζηγεωργίου Ψυχή, Ὠραιοπούλου Ἀλεξάνδρα.
